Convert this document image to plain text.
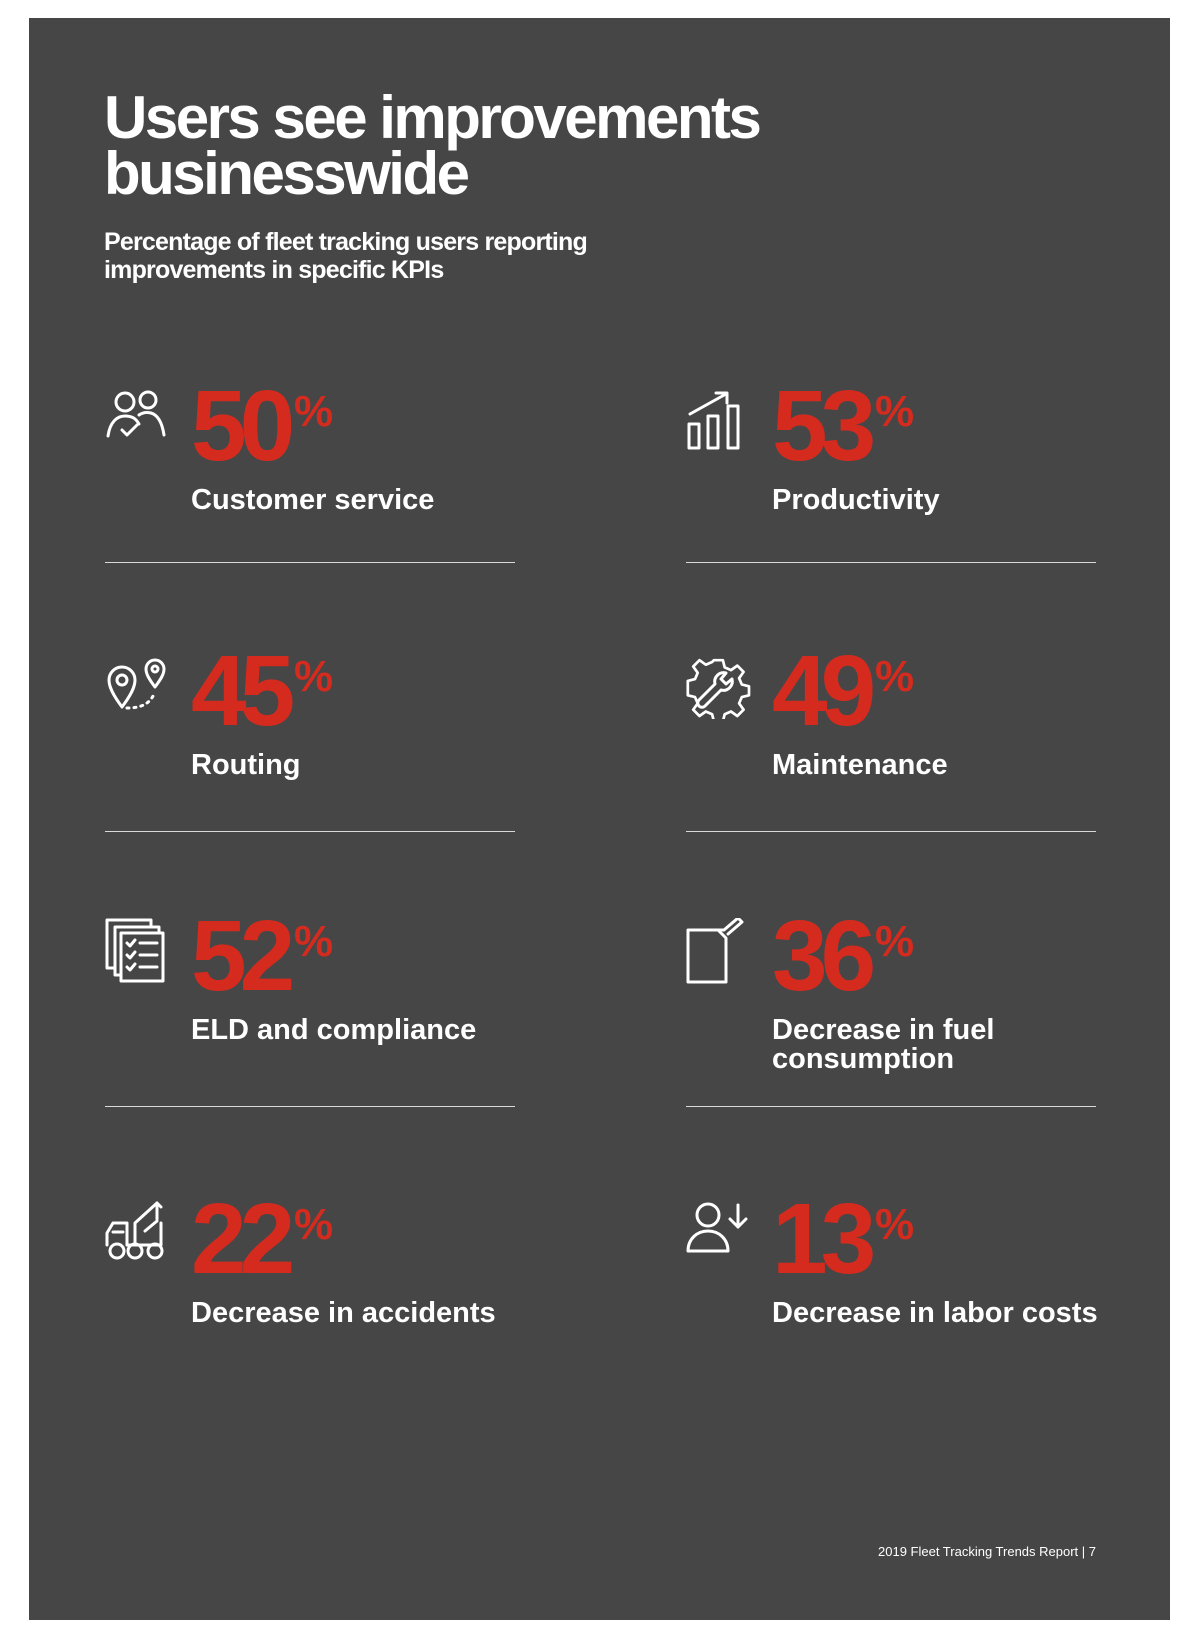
Users see improvements businesswide

Percentage of fleet tracking users reporting improvements in specific KPIs

50 %
Customer service
53 %
Productivity
45 %
Routing
49 %
Maintenance
52 %
ELD and compliance
36 %
Decrease in fuel consumption
22 %
Decrease in accidents
13 %
Decrease in labor costs
2019 Fleet Tracking Trends Report | 7
